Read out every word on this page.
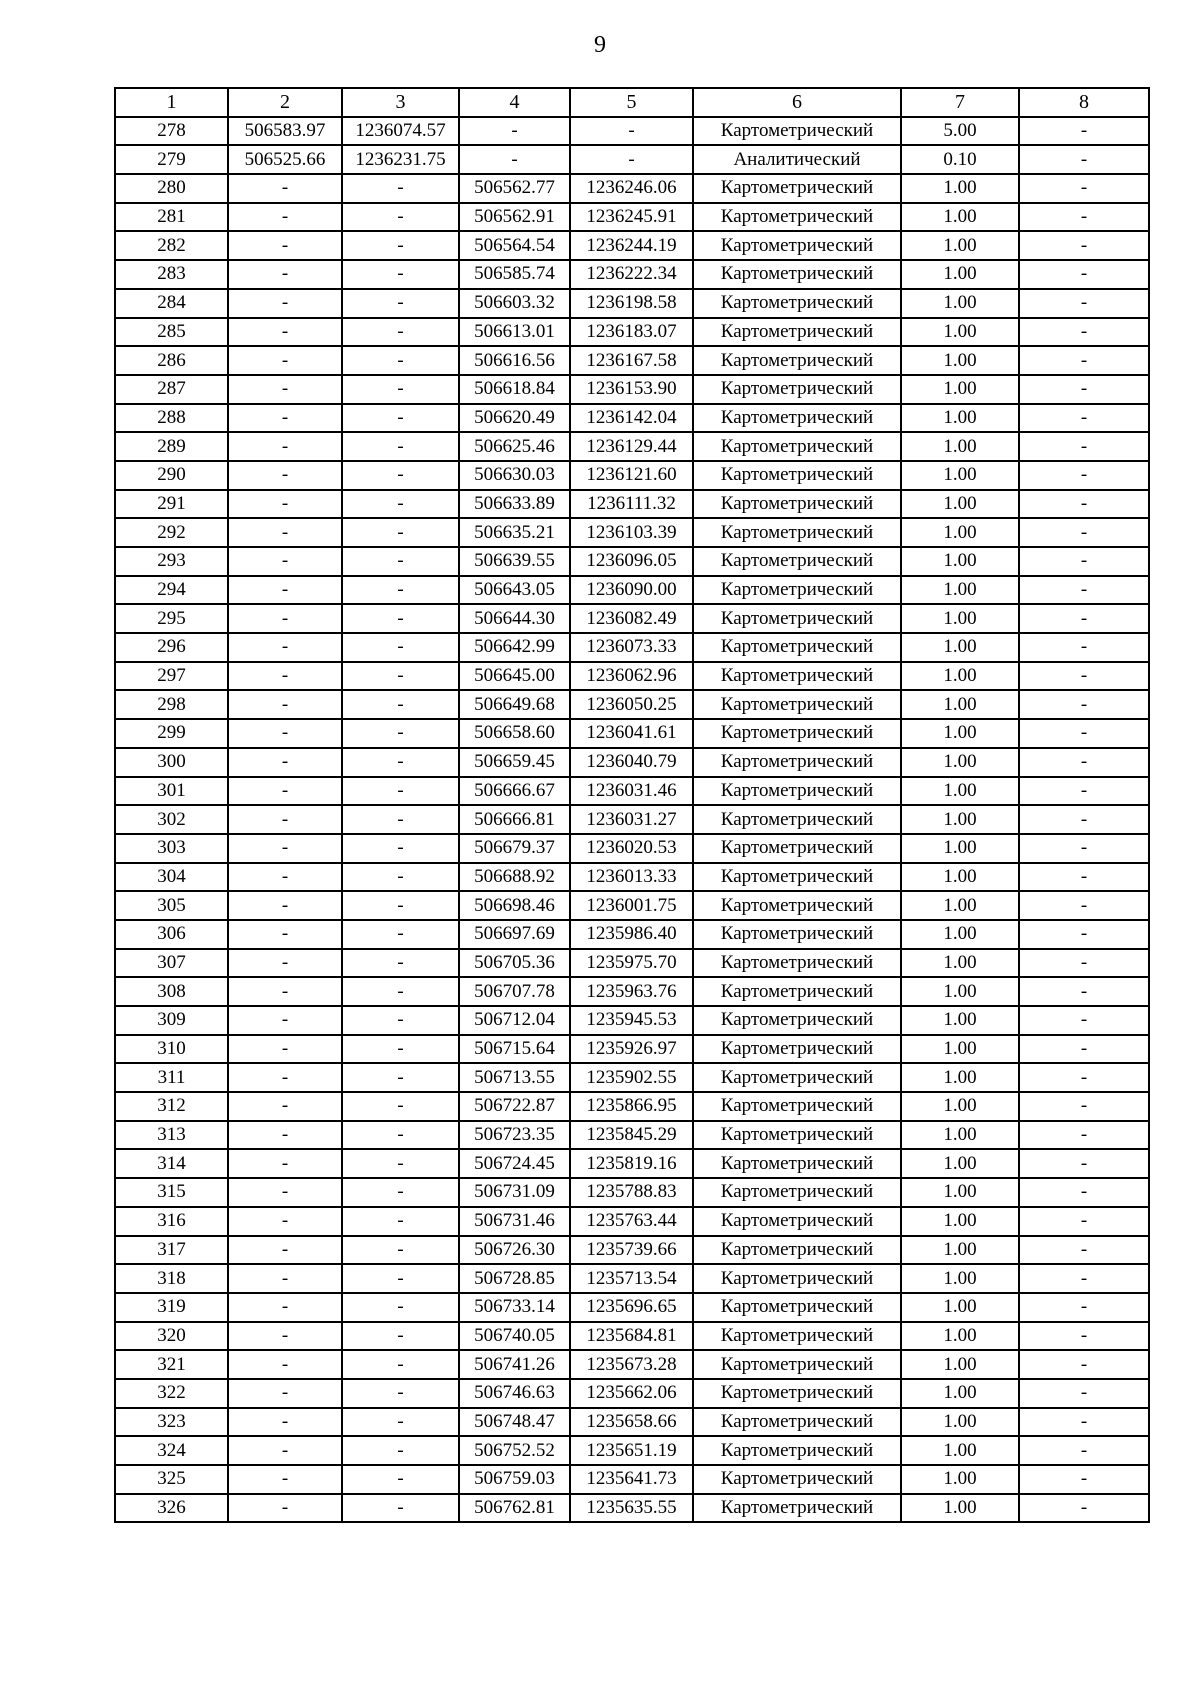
9
1	2	3	4	5	6	7	8
278	506583.97	1236074.57	-	-	Картометрический	5.00	-
279	506525.66	1236231.75	-	-	Аналитический	0.10	-
280	-	-	506562.77	1236246.06	Картометрический	1.00	-
281	-	-	506562.91	1236245.91	Картометрический	1.00	-
282	-	-	506564.54	1236244.19	Картометрический	1.00	-
283	-	-	506585.74	1236222.34	Картометрический	1.00	-
284	-	-	506603.32	1236198.58	Картометрический	1.00	-
285	-	-	506613.01	1236183.07	Картометрический	1.00	-
286	-	-	506616.56	1236167.58	Картометрический	1.00	-
287	-	-	506618.84	1236153.90	Картометрический	1.00	-
288	-	-	506620.49	1236142.04	Картометрический	1.00	-
289	-	-	506625.46	1236129.44	Картометрический	1.00	-
290	-	-	506630.03	1236121.60	Картометрический	1.00	-
291	-	-	506633.89	1236111.32	Картометрический	1.00	-
292	-	-	506635.21	1236103.39	Картометрический	1.00	-
293	-	-	506639.55	1236096.05	Картометрический	1.00	-
294	-	-	506643.05	1236090.00	Картометрический	1.00	-
295	-	-	506644.30	1236082.49	Картометрический	1.00	-
296	-	-	506642.99	1236073.33	Картометрический	1.00	-
297	-	-	506645.00	1236062.96	Картометрический	1.00	-
298	-	-	506649.68	1236050.25	Картометрический	1.00	-
299	-	-	506658.60	1236041.61	Картометрический	1.00	-
300	-	-	506659.45	1236040.79	Картометрический	1.00	-
301	-	-	506666.67	1236031.46	Картометрический	1.00	-
302	-	-	506666.81	1236031.27	Картометрический	1.00	-
303	-	-	506679.37	1236020.53	Картометрический	1.00	-
304	-	-	506688.92	1236013.33	Картометрический	1.00	-
305	-	-	506698.46	1236001.75	Картометрический	1.00	-
306	-	-	506697.69	1235986.40	Картометрический	1.00	-
307	-	-	506705.36	1235975.70	Картометрический	1.00	-
308	-	-	506707.78	1235963.76	Картометрический	1.00	-
309	-	-	506712.04	1235945.53	Картометрический	1.00	-
310	-	-	506715.64	1235926.97	Картометрический	1.00	-
311	-	-	506713.55	1235902.55	Картометрический	1.00	-
312	-	-	506722.87	1235866.95	Картометрический	1.00	-
313	-	-	506723.35	1235845.29	Картометрический	1.00	-
314	-	-	506724.45	1235819.16	Картометрический	1.00	-
315	-	-	506731.09	1235788.83	Картометрический	1.00	-
316	-	-	506731.46	1235763.44	Картометрический	1.00	-
317	-	-	506726.30	1235739.66	Картометрический	1.00	-
318	-	-	506728.85	1235713.54	Картометрический	1.00	-
319	-	-	506733.14	1235696.65	Картометрический	1.00	-
320	-	-	506740.05	1235684.81	Картометрический	1.00	-
321	-	-	506741.26	1235673.28	Картометрический	1.00	-
322	-	-	506746.63	1235662.06	Картометрический	1.00	-
323	-	-	506748.47	1235658.66	Картометрический	1.00	-
324	-	-	506752.52	1235651.19	Картометрический	1.00	-
325	-	-	506759.03	1235641.73	Картометрический	1.00	-
326	-	-	506762.81	1235635.55	Картометрический	1.00	-
